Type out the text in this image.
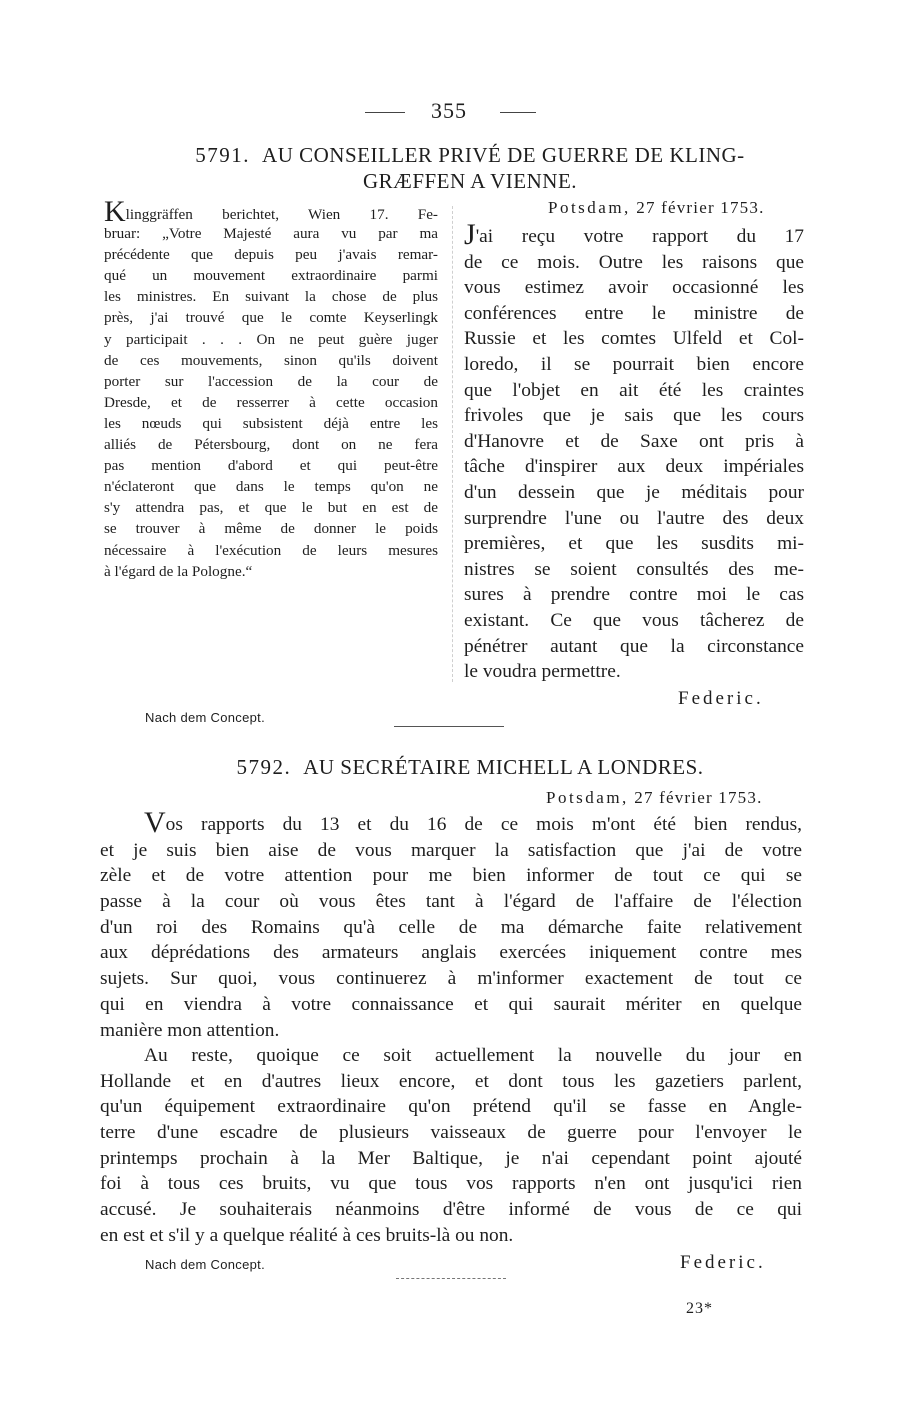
355
5791. AU CONSEILLER PRIVÉ DE GUERRE DE KLING-
GRÆFFEN A VIENNE.
Klinggräffen berichtet, Wien 17. Fe-
bruar: „Votre Majesté aura vu par ma
précédente que depuis peu j'avais remar-
qué un mouvement extraordinaire parmi
les ministres. En suivant la chose de plus
près, j'ai trouvé que le comte Keyserlingk
y participait . . . On ne peut guère juger
de ces mouvements, sinon qu'ils doivent
porter sur l'accession de la cour de
Dresde, et de resserrer à cette occasion
les nœuds qui subsistent déjà entre les
alliés de Pétersbourg, dont on ne fera
pas mention d'abord et qui peut-être
n'éclateront que dans le temps qu'on ne
s'y attendra pas, et que le but en est de
se trouver à même de donner le poids
nécessaire à l'exécution de leurs mesures
à l'égard de la Pologne.“
Potsdam, 27 février 1753.
J'ai reçu votre rapport du 17
de ce mois. Outre les raisons que
vous estimez avoir occasionné les
conférences entre le ministre de
Russie et les comtes Ulfeld et Col-
loredo, il se pourrait bien encore
que l'objet en ait été les craintes
frivoles que je sais que les cours
d'Hanovre et de Saxe ont pris à
tâche d'inspirer aux deux impériales
d'un dessein que je méditais pour
surprendre l'une ou l'autre des deux
premières, et que les susdits mi-
nistres se soient consultés des me-
sures à prendre contre moi le cas
existant. Ce que vous tâcherez de
pénétrer autant que la circonstance
le voudra permettre.
Federic.
Nach dem Concept.
5792. AU SECRÉTAIRE MICHELL A LONDRES.
Potsdam, 27 février 1753.
Vos rapports du 13 et du 16 de ce mois m'ont été bien rendus,
et je suis bien aise de vous marquer la satisfaction que j'ai de votre
zèle et de votre attention pour me bien informer de tout ce qui se
passe à la cour où vous êtes tant à l'égard de l'affaire de l'élection
d'un roi des Romains qu'à celle de ma démarche faite relativement
aux déprédations des armateurs anglais exercées iniquement contre mes
sujets. Sur quoi, vous continuerez à m'informer exactement de tout ce
qui en viendra à votre connaissance et qui saurait mériter en quelque
manière mon attention.
Au reste, quoique ce soit actuellement la nouvelle du jour en
Hollande et en d'autres lieux encore, et dont tous les gazetiers parlent,
qu'un équipement extraordinaire qu'on prétend qu'il se fasse en Angle-
terre d'une escadre de plusieurs vaisseaux de guerre pour l'envoyer le
printemps prochain à la Mer Baltique, je n'ai cependant point ajouté
foi à tous ces bruits, vu que tous vos rapports n'en ont jusqu'ici rien
accusé. Je souhaiterais néanmoins d'être informé de vous de ce qui
en est et s'il y a quelque réalité à ces bruits-là ou non.
Nach dem Concept.	Federic.
23*
